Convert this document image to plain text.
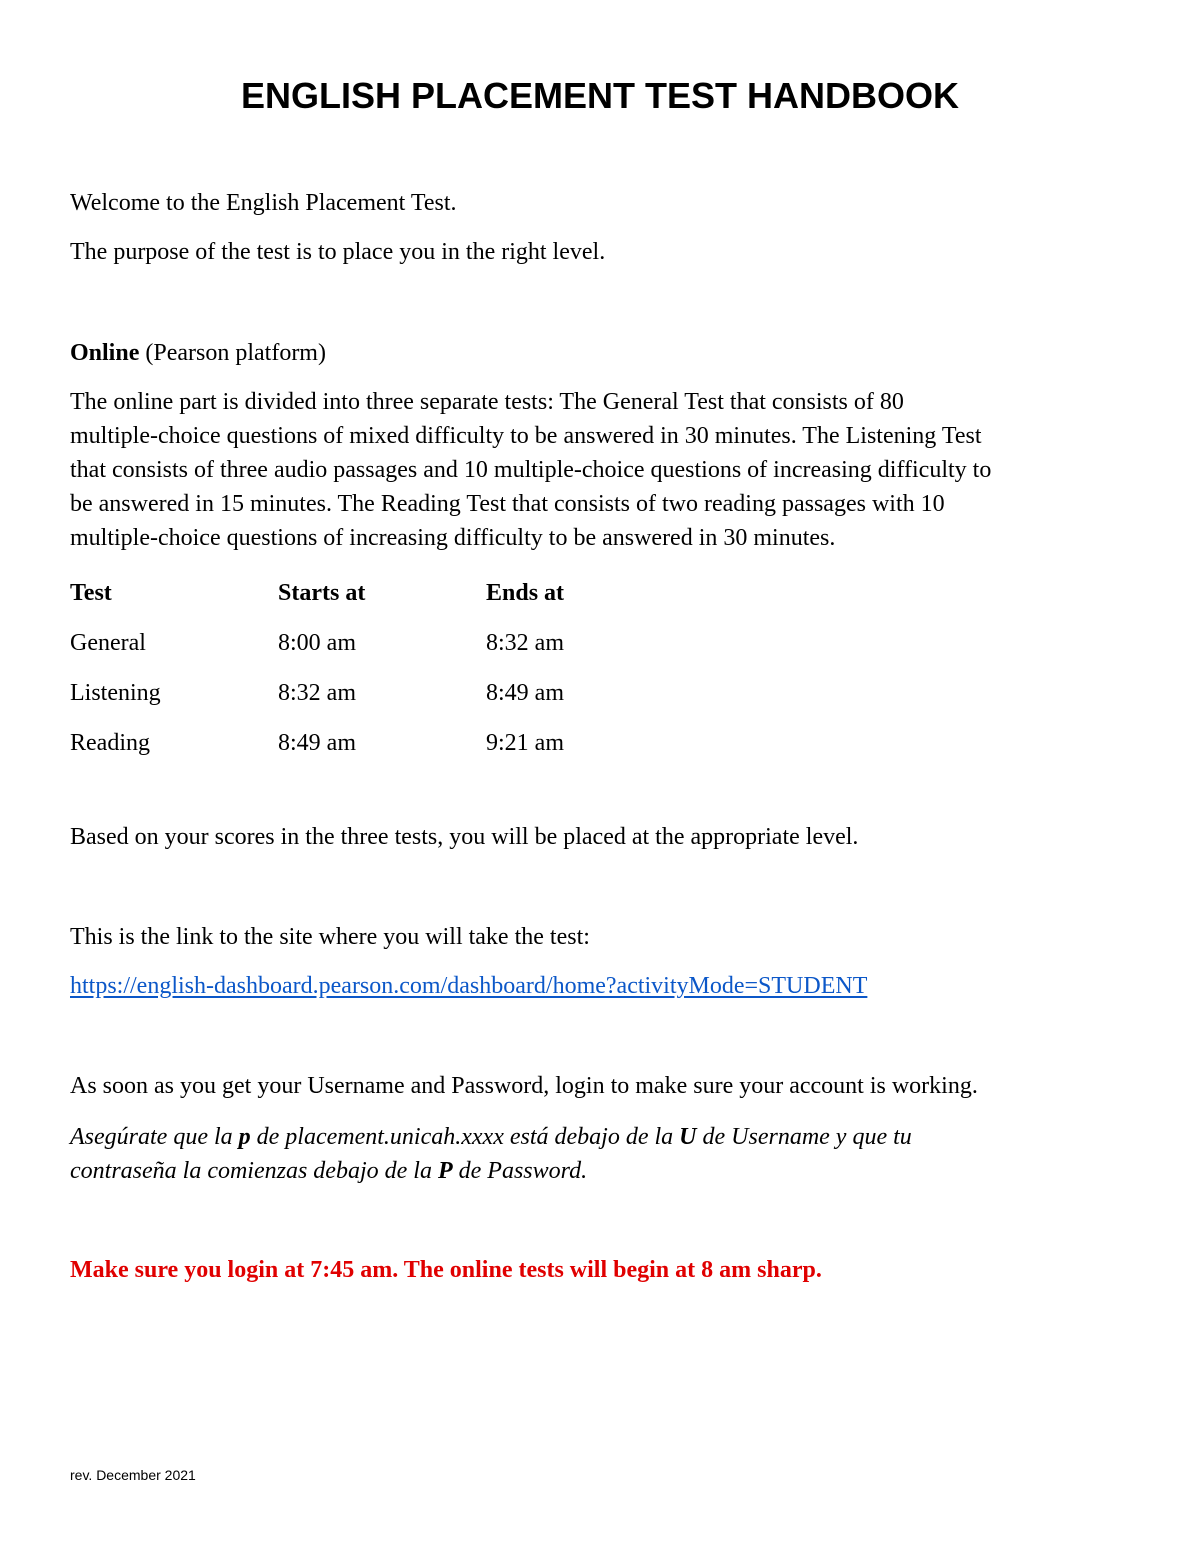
ENGLISH PLACEMENT TEST HANDBOOK

Welcome to the English Placement Test.

The purpose of the test is to place you in the right level.

Online (Pearson platform)

The online part is divided into three separate tests: The General Test that consists of 80
multiple-choice questions of mixed difficulty to be answered in 30 minutes. The Listening Test
that consists of three audio passages and 10 multiple-choice questions of increasing difficulty to
be answered in 15 minutes. The Reading Test that consists of two reading passages with 10
multiple-choice questions of increasing difficulty to be answered in 30 minutes.
Test	Starts at	Ends at
General	8:00 am	8:32 am
Listening	8:32 am	8:49 am
Reading	8:49 am	9:21 am

Based on your scores in the three tests, you will be placed at the appropriate level.

This is the link to the site where you will take the test:

https://english-dashboard.pearson.com/dashboard/home?activityMode=STUDENT

As soon as you get your Username and Password, login to make sure your account is working.

Asegúrate que la p de placement.unicah.xxxx está debajo de la U de Username y que tu
contraseña la comienzas debajo de la P de Password.

Make sure you login at 7:45 am. The online tests will begin at 8 am sharp.

rev. December 2021
